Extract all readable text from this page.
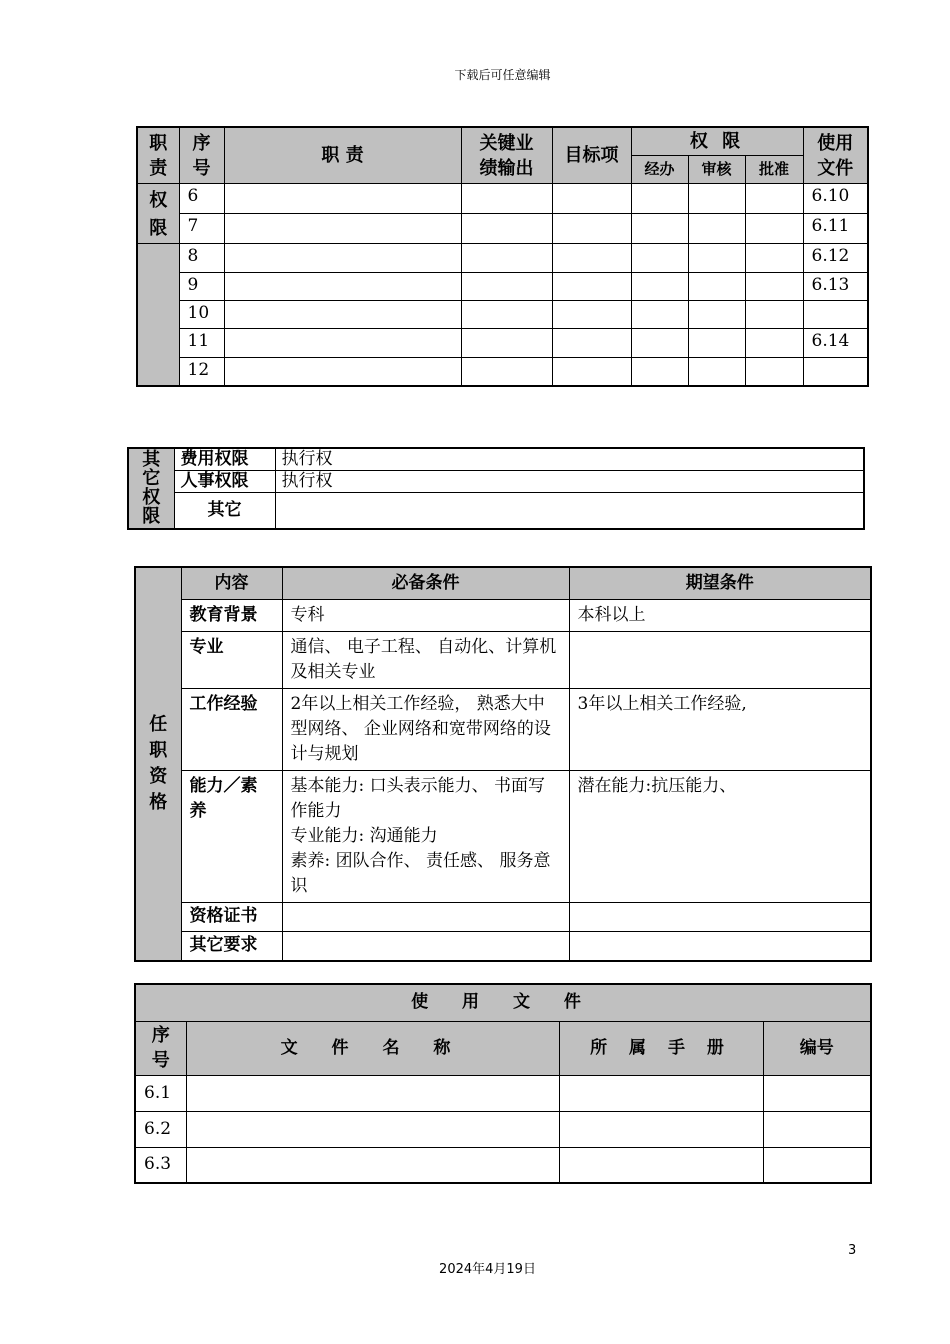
下载后可任意编辑
职责	序号	职 责	关键业绩输出	目标项	权 限			使用文件

					经办	审核	批准	

权限	6							6.10
	7							6.11
	8							6.12
	9							6.13
	10							
	11							6.14
	12							
其它权限	费用权限	执行权
	人事权限	执行权
	其它	
任职资格	内容	必备条件	期望条件
	教育背景	专科	本科以上
	专业	通信、 电子工程、 自动化、计算机及相关专业	
	工作经验	2年以上相关工作经验， 熟悉大中型网络、 企业网络和宽带网络的设计与规划	3年以上相关工作经验,
	能力／素养	基本能力: 口头表示能力、 书面写作能力
专业能力: 沟通能力
素养: 团队合作、 责任感、 服务意识	潜在能力:抗压能力、
	资格证书		
	其它要求		
使 用 文 件			

序号	文 件 名 称	所 属 手 册	编号
6.1			
6.2			
6.3			
3
2024年4月19日
